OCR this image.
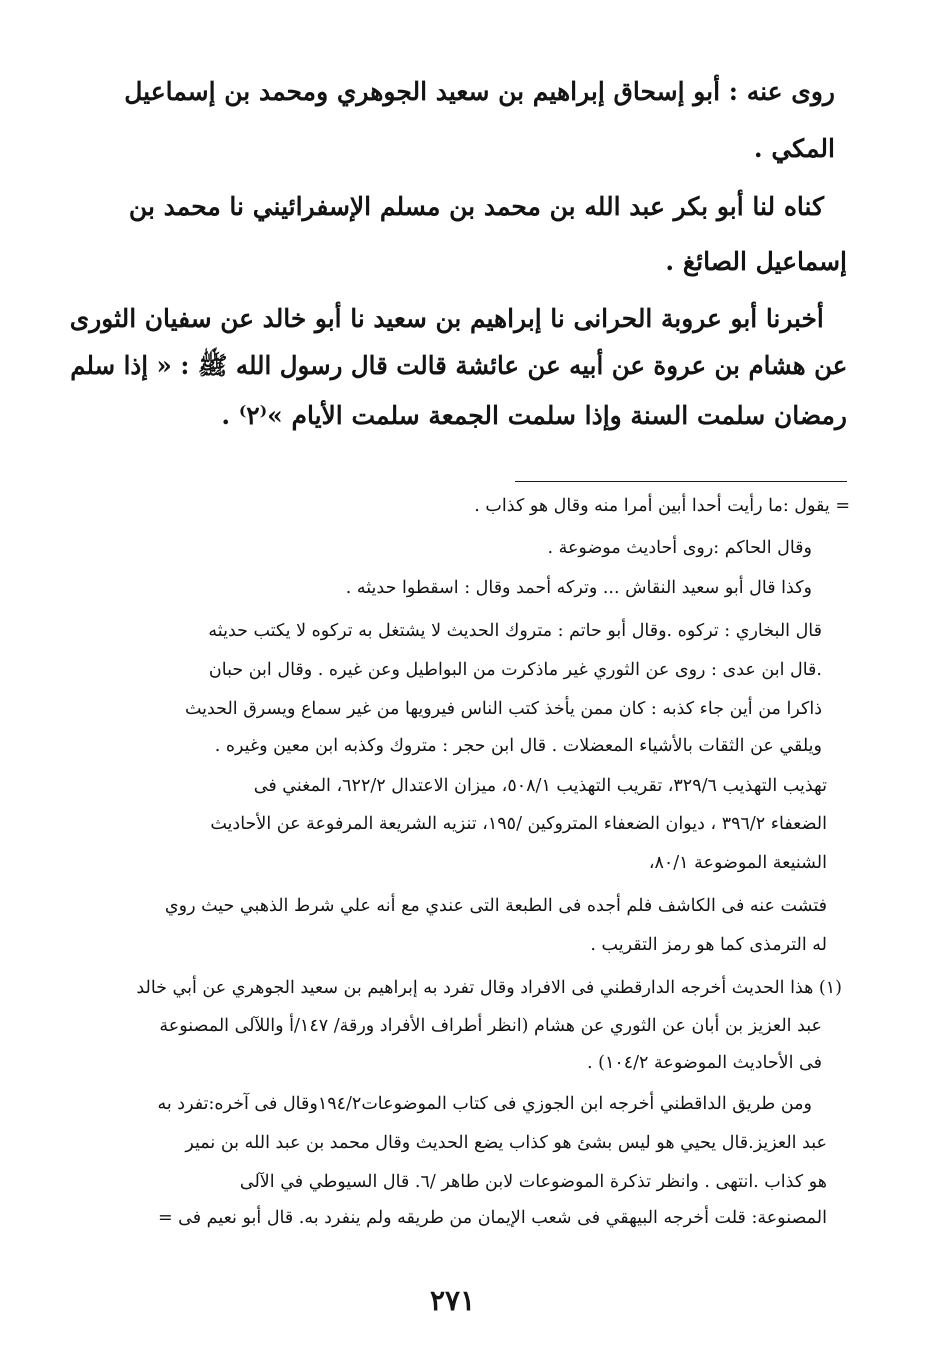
روى عنه : أبو إسحاق إبراهيم بن سعيد الجوهري ومحمد بن إسماعيل
المكي .
كناه لنا أبو بكر عبد الله بن محمد بن مسلم الإسفرائيني نا محمد بن
إسماعيل الصائغ .
أخبرنا أبو عروبة الحرانى نا إبراهيم بن سعيد نا أبو خالد عن سفيان الثورى
عن هشام بن عروة عن أبيه عن عائشة قالت قال رسول الله ﷺ : « إذا سلم
رمضان سلمت السنة وإذا سلمت الجمعة سلمت الأيام »⁽٢⁾ .
= يقول :ما رأيت أحدا أبين أمرا منه وقال هو كذاب .
وقال الحاكم :روى أحاديث موضوعة .
وكذا قال أبو سعيد النقاش ... وتركه أحمد وقال : اسقطوا حديثه .
قال البخاري : تركوه .وقال أبو حاتم : متروك الحديث لا يشتغل به تركوه لا يكتب حديثه
.قال ابن عدى : روى عن الثوري غير ماذكرت من البواطيل وعن غيره . وقال ابن حبان
ذاكرا من أين جاء كذبه : كان ممن يأخذ كتب الناس فيرويها من غير سماع ويسرق الحديث
ويلقي عن الثقات بالأشياء المعضلات . قال ابن حجر : متروك وكذبه ابن معين وغيره .
تهذيب التهذيب ٣٢٩/٦، تقريب التهذيب ٥٠٨/١، ميزان الاعتدال ٦٢٢/٢، المغني فى
الضعفاء ٣٩٦/٢ ، ديوان الضعفاء المتروكين /١٩٥، تنزيه الشريعة المرفوعة عن الأحاديث
الشنيعة الموضوعة ٨٠/١،
فتشت عنه فى الكاشف فلم أجده فى الطبعة التى عندي مع أنه علي شرط الذهبي حيث روي
له الترمذى كما هو رمز التقريب .
(١) هذا الحديث أخرجه الدارقطني فى الافراد وقال تفرد به إبراهيم بن سعيد الجوهري عن أبي خالد
عبد العزيز بن أبان عن الثوري عن هشام (انظر أطراف الأفراد ورقة/ ١٤٧/أ واللآلى المصنوعة
فى الأحاديث الموضوعة ١٠٤/٢) .
ومن طريق الداقطني أخرجه ابن الجوزي فى كتاب الموضوعات١٩٤/٢وقال فى آخره:تفرد به
عبد العزيز.قال يحيي هو ليس بشئ هو كذاب يضع الحديث وقال محمد بن عبد الله بن نمير
هو كذاب .انتهى . وانظر تذكرة الموضوعات لابن طاهر /٦. قال السيوطي في الآلى
المصنوعة: قلت أخرجه البيهقي فى شعب الإيمان من طريقه ولم ينفرد به. قال أبو نعيم فى =
٢٧١
